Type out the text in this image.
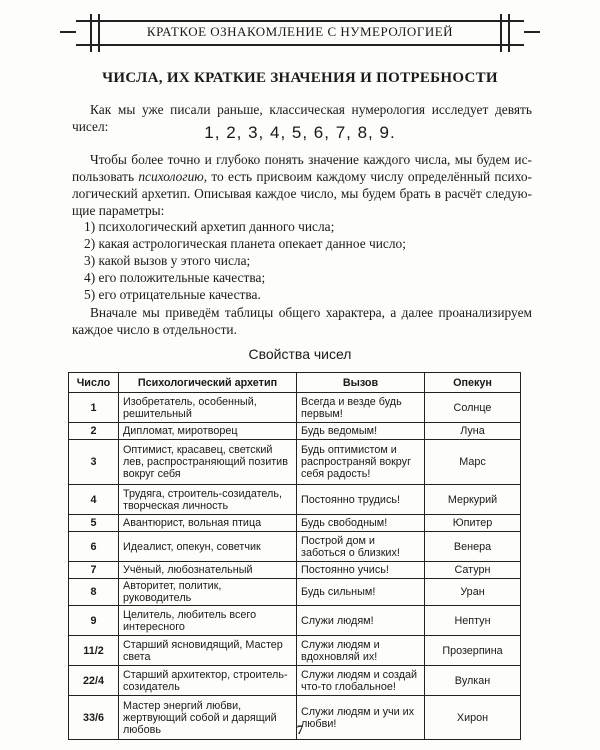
КРАТКОЕ ОЗНАКОМЛЕНИЕ С НУМЕРОЛОГИЕЙ
ЧИСЛА, ИХ КРАТКИЕ ЗНАЧЕНИЯ И ПОТРЕБНОСТИ
Как мы уже писали раньше, классическая нумерология исследует девять чисел:	1, 2, 3, 4, 5, 6, 7, 8, 9.
Чтобы более точно и глубоко понять значение каждого числа, мы будем использовать психологию, то есть присвоим каждому числу определённый психологический архетип. Описывая каждое число, мы будем брать в расчёт следующие параметры:
1) психологический архетип данного числа;
2) какая астрологическая планета опекает данное число;
3) какой вызов у этого числа;
4) его положительные качества;
5) его отрицательные качества.
Вначале мы приведём таблицы общего характера, а далее проанализируем каждое число в отдельности.
Свойства чисел
Число	Психологический архетип	Вызов	Опекун
1	Изобретатель, особенный, решительный	Всегда и везде будь первым!	Солнце
2	Дипломат, миротворец	Будь ведомым!	Луна
3	Оптимист, красавец, светский лев, распространяющий позитив вокруг себя	Будь оптимистом и распространяй вокруг себя радость!	Марс
4	Трудяга, строитель-созидатель, творческая личность	Постоянно трудись!	Меркурий
5	Авантюрист, вольная птица	Будь свободным!	Юпитер
6	Идеалист, опекун, советчик	Построй дом и заботься о близких!	Венера
7	Учёный, любознательный	Постоянно учись!	Сатурн
8	Авторитет, политик, руководитель	Будь сильным!	Уран
9	Целитель, любитель всего интересного	Служи людям!	Нептун
11/2	Старший ясновидящий, Мастер света	Служи людям и вдохновляй их!	Прозерпина
22/4	Старший архитектор, строитель-созидатель	Служи людям и создай что-то глобальное!	Вулкан
33/6	Мастер энергий любви, жертвующий собой и дарящий любовь	Служи людям и учи их любви!	Хирон
7
